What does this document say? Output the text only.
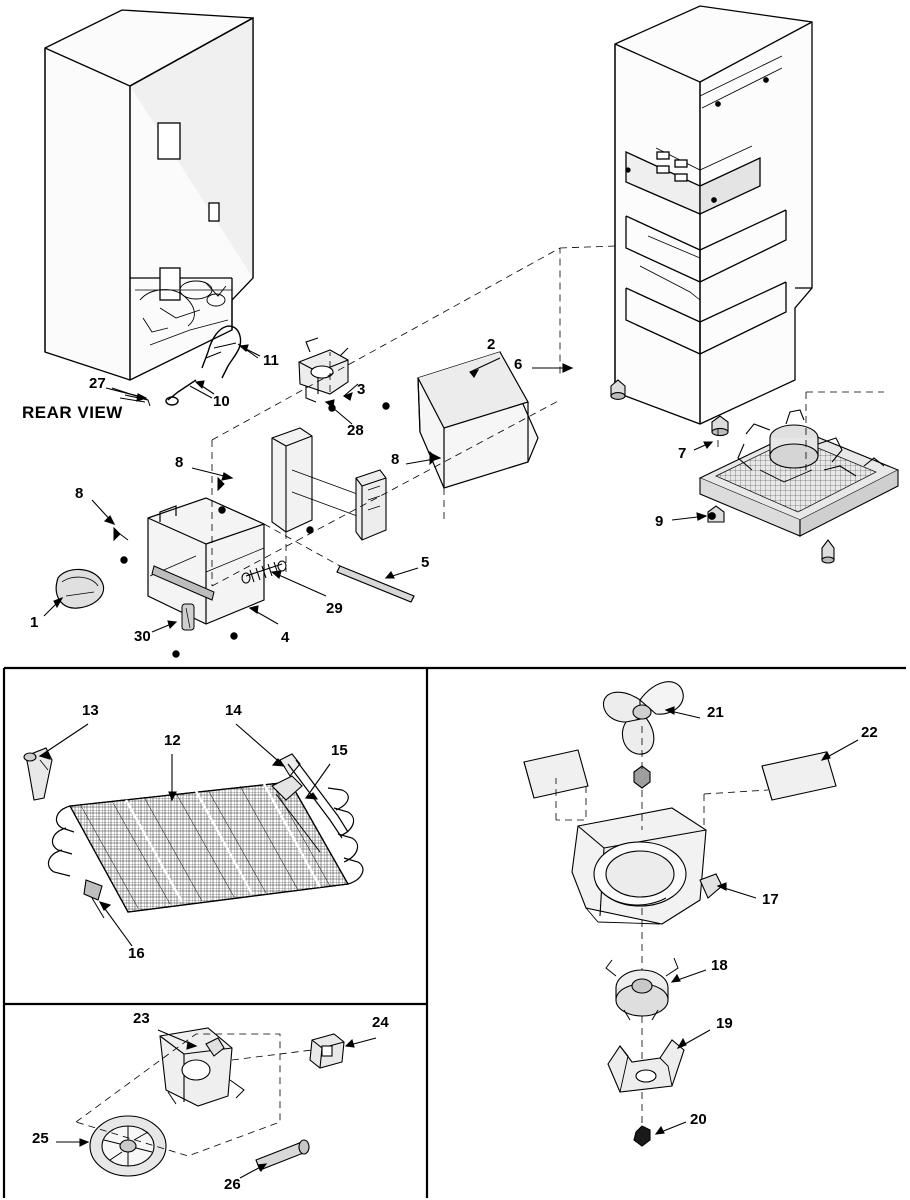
REAR VIEW
1
2
3
4
5
6
7
8
8	8
9
10
11
12
13	14
15
16
17
18
19
20
21
22
23	24
25
26
27
28
29
30
